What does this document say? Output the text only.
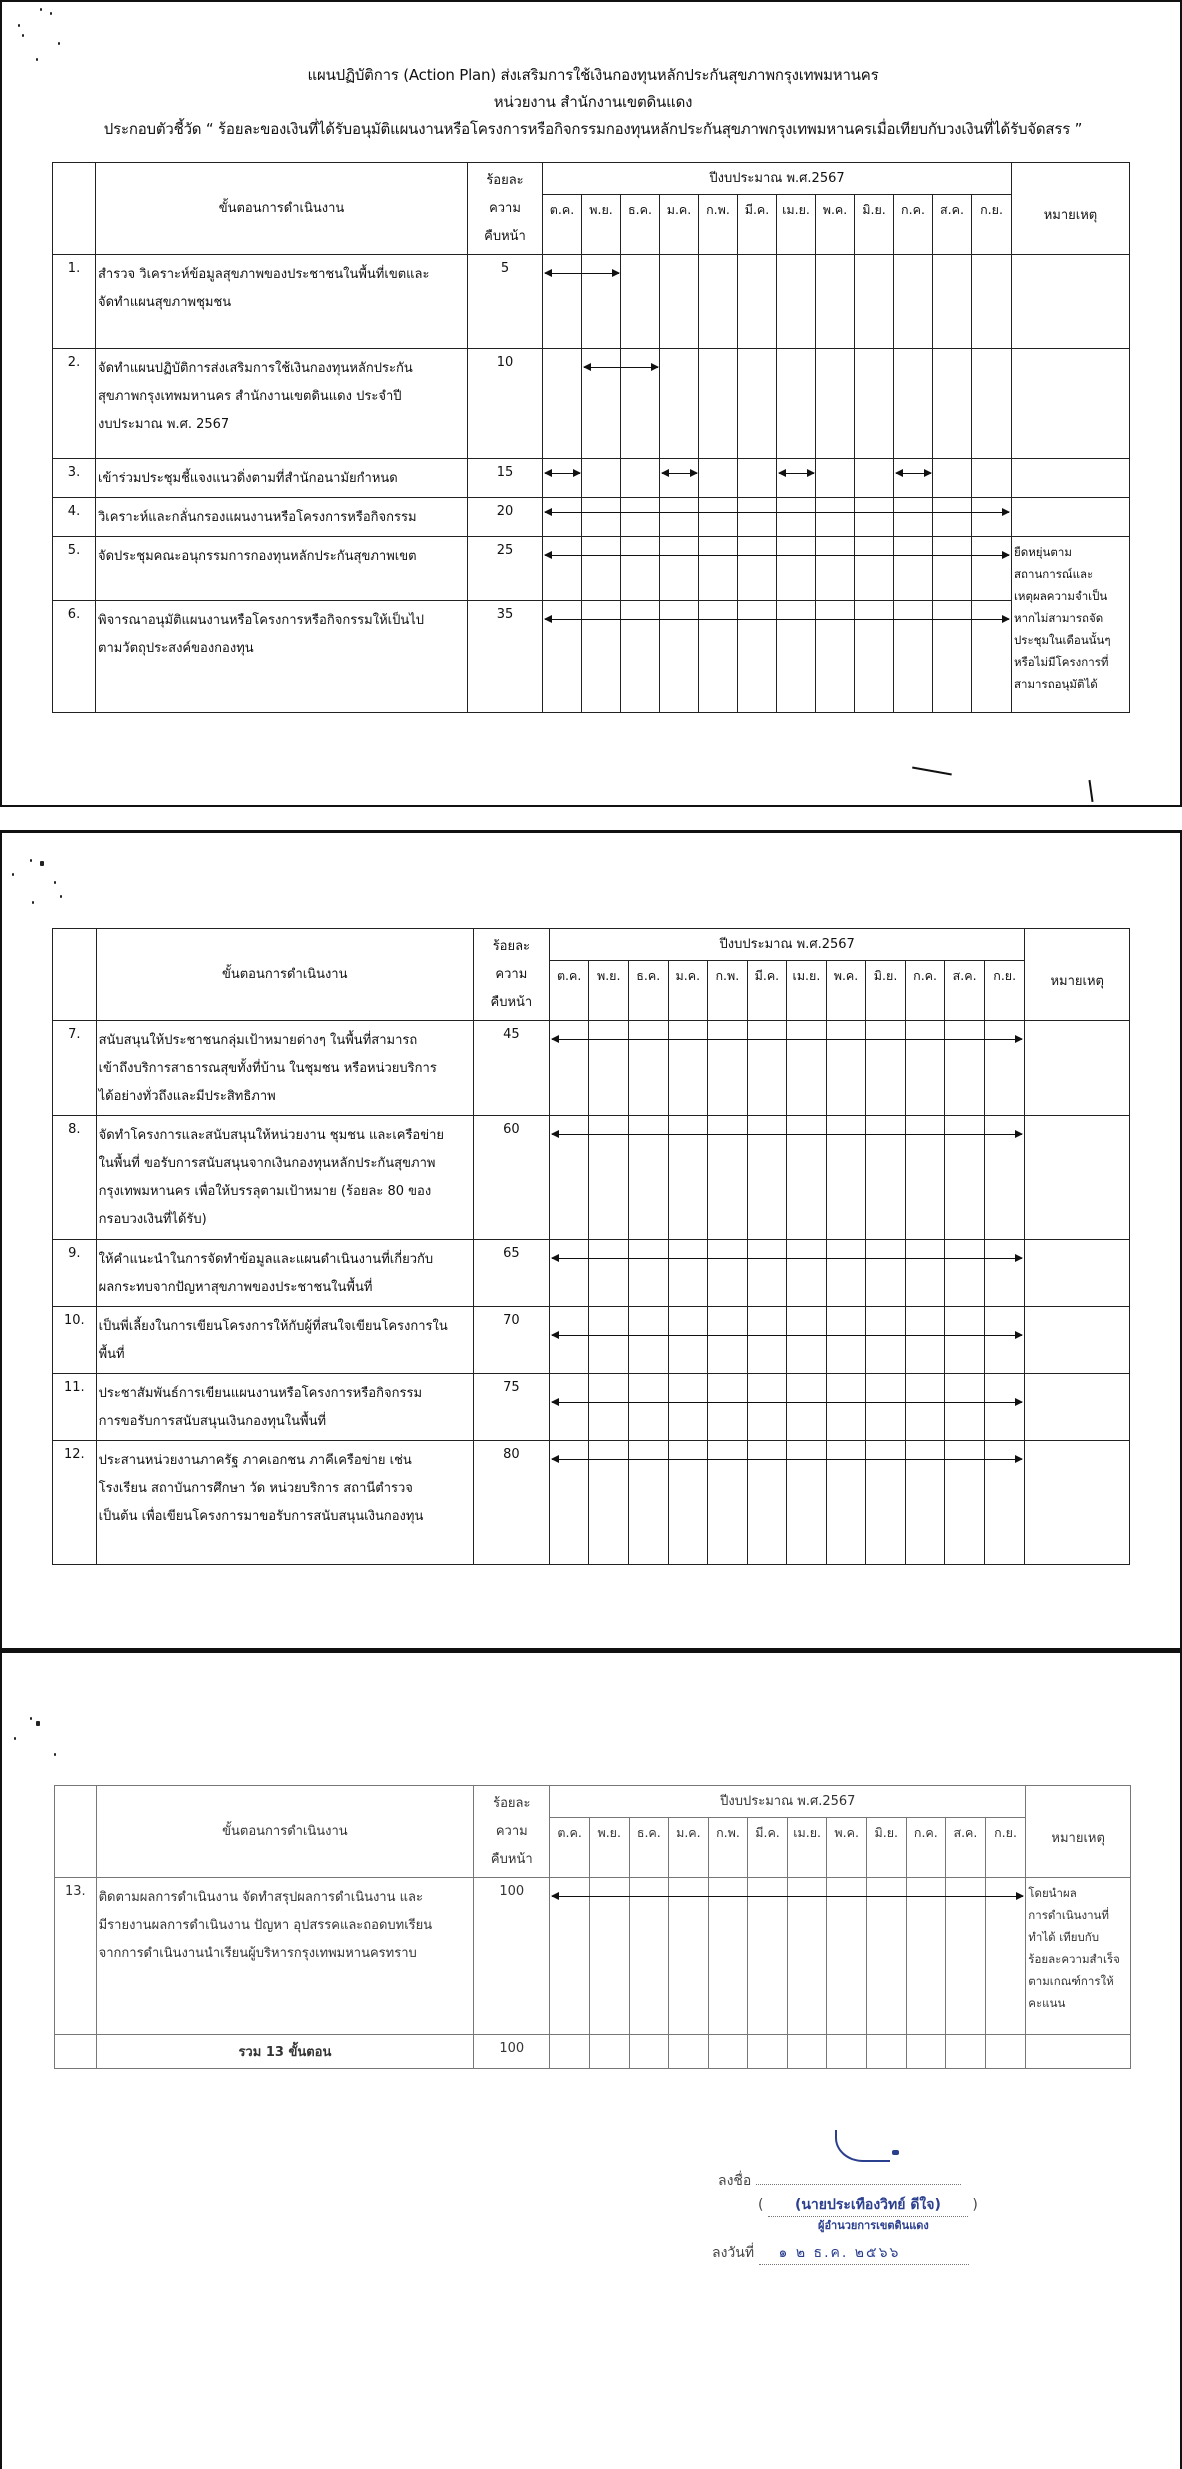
แผนปฏิบัติการ (Action Plan) ส่งเสริมการใช้เงินกองทุนหลักประกันสุขภาพกรุงเทพมหานคร
หน่วยงาน สำนักงานเขตดินแดง
ประกอบตัวชี้วัด “ ร้อยละของเงินที่ได้รับอนุมัติแผนงานหรือโครงการหรือกิจกรรมกองทุนหลักประกันสุขภาพกรุงเทพมหานครเมื่อเทียบกับวงเงินที่ได้รับจัดสรร ”
	ขั้นตอนการดำเนินงาน	ร้อยละ
ความ
คืบหน้า	ปีงบประมาณ พ.ศ.2567												หมายเหตุ
			ต.ค.	พ.ย.	ธ.ค.	ม.ค.	ก.พ.	มี.ค.	เม.ย.	พ.ค.	มิ.ย.	ก.ค.	ส.ค.	ก.ย.	
1.	สำรวจ วิเคราะห์ข้อมูลสุขภาพของประชาชนในพื้นที่เขตและ
จัดทำแผนสุขภาพชุมชน	5	

2.	จัดทำแผนปฏิบัติการส่งเสริมการใช้เงินกองทุนหลักประกัน
สุขภาพกรุงเทพมหานคร สำนักงานเขตดินแดง ประจำปี
งบประมาณ พ.ศ. 2567	10		

3.	เข้าร่วมประชุมชี้แจงแนวดิ่งตามที่สำนักอนามัยกำหนด	15	

4.	วิเคราะห์และกลั่นกรองแผนงานหรือโครงการหรือกิจกรรม	20	

5.	จัดประชุมคณะอนุกรรมการกองทุนหลักประกันสุขภาพเขต	25													ยืดหยุ่นตาม
สถานการณ์และ
เหตุผลความจำเป็น
หากไม่สามารถจัด
ประชุมในเดือนนั้นๆ
หรือไม่มีโครงการที่
สามารถอนุมัติได้
6.	พิจารณาอนุมัติแผนงานหรือโครงการหรือกิจกรรมให้เป็นไป
ตามวัตถุประสงค์ของกองทุน	35		

	ขั้นตอนการดำเนินงาน	ร้อยละ
ความ
คืบหน้า	ปีงบประมาณ พ.ศ.2567												หมายเหตุ
			ต.ค.	พ.ย.	ธ.ค.	ม.ค.	ก.พ.	มี.ค.	เม.ย.	พ.ค.	มิ.ย.	ก.ค.	ส.ค.	ก.ย.	
7.	สนับสนุนให้ประชาชนกลุ่มเป้าหมายต่างๆ ในพื้นที่สามารถ
เข้าถึงบริการสาธารณสุขทั้งที่บ้าน ในชุมชน หรือหน่วยบริการ
ได้อย่างทั่วถึงและมีประสิทธิภาพ	45	

8.	จัดทำโครงการและสนับสนุนให้หน่วยงาน ชุมชน และเครือข่าย
ในพื้นที่ ขอรับการสนับสนุนจากเงินกองทุนหลักประกันสุขภาพ
กรุงเทพมหานคร เพื่อให้บรรลุตามเป้าหมาย (ร้อยละ 80 ของ
กรอบวงเงินที่ได้รับ)	60	

9.	ให้คำแนะนำในการจัดทำข้อมูลและแผนดำเนินงานที่เกี่ยวกับ
ผลกระทบจากปัญหาสุขภาพของประชาชนในพื้นที่	65	

10.	เป็นพี่เลี้ยงในการเขียนโครงการให้กับผู้ที่สนใจเขียนโครงการใน
พื้นที่	70	

11.	ประชาสัมพันธ์การเขียนแผนงานหรือโครงการหรือกิจกรรม
การขอรับการสนับสนุนเงินกองทุนในพื้นที่	75	

12.	ประสานหน่วยงานภาครัฐ ภาคเอกชน ภาคีเครือข่าย เช่น
โรงเรียน สถาบันการศึกษา วัด หน่วยบริการ สถานีตำรวจ
เป็นต้น เพื่อเขียนโครงการมาขอรับการสนับสนุนเงินกองทุน	80	

	ขั้นตอนการดำเนินงาน	ร้อยละ
ความ
คืบหน้า	ปีงบประมาณ พ.ศ.2567												หมายเหตุ
			ต.ค.	พ.ย.	ธ.ค.	ม.ค.	ก.พ.	มี.ค.	เม.ย.	พ.ค.	มิ.ย.	ก.ค.	ส.ค.	ก.ย.	
13.	ติดตามผลการดำเนินงาน จัดทำสรุปผลการดำเนินงาน และ
มีรายงานผลการดำเนินงาน ปัญหา อุปสรรคและถอดบทเรียน
จากการดำเนินงานนำเรียนผู้บริหารกรุงเทพมหานครทราบ	100													โดยนำผล
การดำเนินงานที่
ทำได้ เทียบกับ
ร้อยละความสำเร็จ
ตามเกณฑ์การให้
คะแนน
	รวม 13 ขั้นตอน	100													
ลงชื่อ
( (นายประเทืองวิทย์ ดีใจ) )
ผู้อำนวยการเขตดินแดง
ลงวันที่ ๑ ๒ ธ.ค. ๒๕๖๖
